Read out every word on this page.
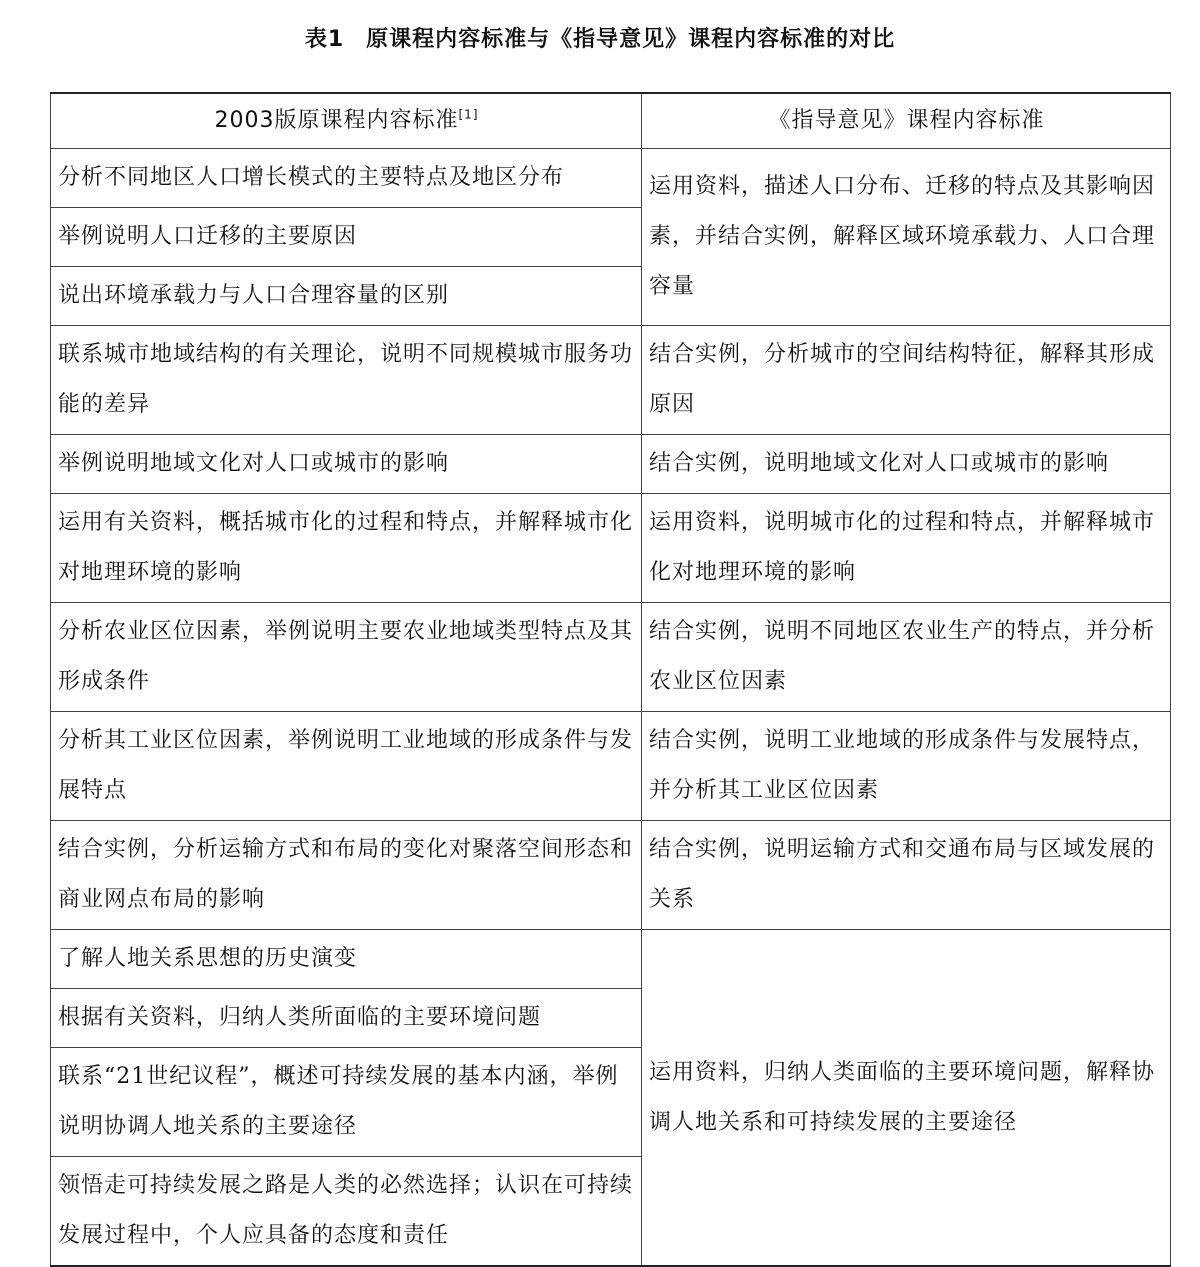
表1 原课程内容标准与《指导意见》课程内容标准的对比
2003版原课程内容标准[1]	《指导意见》课程内容标准
分析不同地区人口增长模式的主要特点及地区分布	运用资料，描述人口分布、迁移的特点及其影响因素，并结合实例，解释区域环境承载力、人口合理容量
举例说明人口迁移的主要原因	
说出环境承载力与人口合理容量的区别	
联系城市地域结构的有关理论，说明不同规模城市服务功能的差异	结合实例，分析城市的空间结构特征，解释其形成原因
举例说明地域文化对人口或城市的影响	结合实例，说明地域文化对人口或城市的影响
运用有关资料，概括城市化的过程和特点，并解释城市化对地理环境的影响	运用资料，说明城市化的过程和特点，并解释城市化对地理环境的影响
分析农业区位因素，举例说明主要农业地域类型特点及其形成条件	结合实例，说明不同地区农业生产的特点，并分析农业区位因素
分析其工业区位因素，举例说明工业地域的形成条件与发展特点	结合实例，说明工业地域的形成条件与发展特点，并分析其工业区位因素
结合实例，分析运输方式和布局的变化对聚落空间形态和商业网点布局的影响	结合实例，说明运输方式和交通布局与区域发展的关系
了解人地关系思想的历史演变	运用资料，归纳人类面临的主要环境问题，解释协调人地关系和可持续发展的主要途径
根据有关资料，归纳人类所面临的主要环境问题	
联系“21世纪议程”，概述可持续发展的基本内涵，举例说明协调人地关系的主要途径	
领悟走可持续发展之路是人类的必然选择；认识在可持续发展过程中，个人应具备的态度和责任	
